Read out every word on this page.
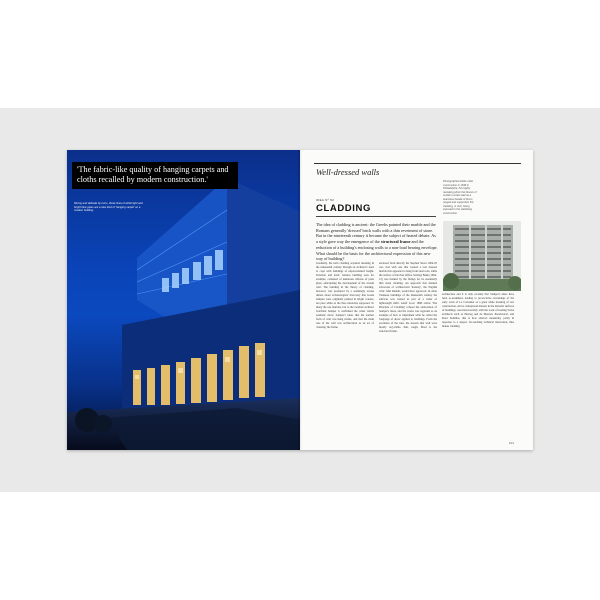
'The fabric-like quality of hanging carpets and cloths recalled by modern construction.'
Strong and delicate by turns, these lines of white light and bright blue glass are a new kind of 'hanging carpet' on a modern building.
Well-dressed walls
IDEA Nº 52
CLADDING
The idea of cladding is ancient: the Greeks painted their marble and the Romans generally 'dressed' brick walls with a thin revetment of stone. But in the nineteenth century it became the subject of heated debate. As a style gave way the emergence of the structural frame and the reduction of a building's enclosing walls to a non-load bearing envelope. What should be the basis for the architectural expression of this new way of building?
Gradually, the term cladding acquired meaning in the nineteenth century through an architect's need to cope with buildings of unprecedented height. Function and level: balance building tests for example, consisted of numerous ribbons of plate glass, anticipating the development of the curtain wall. The building in the theory of cladding, however, was prompted by a seemingly arcane debate about archaeologists' discovery that Greek temples were originally painted in bright colours, not pure white as the Neo-classicists supposed. To many the use marbles, but to the German architect Gottfried Semper it confirmed the wider textile aesthetic more: Semper's ideas that the earliest form of wall was hung textile, and that the main role of the wall was architectural as an act of 'dressing' the frame.
enclosed from directly his Stephen Street 1904-05 was clad with one that created a real dressed marble that appeared to hang from steel rods, while the surface of his Post Office Savings Bank (1904-12) was marked by the fixings for its essentially thin stone cladding. An approach that marked advocates of architectural 'honesty', the English critic John Ruskin, would have approved. In other Viennese buildings of the nineteenth century the surfaces was treated as part of a wider of lightweight infill. Adolf Loos' 1898 article 'The Principle of Cladding' echoed the elaboration of Semper's ideas, and his works was regarded as an example of how to implement what he called the 'language of dress' applied to buildings. From the evolution of the idea, the lessons that wall were mostly recyclable, thin, rough, fitted to the structural frame.
architecture and it is only recently that Semper's ideas have been re-examined, leading to provocative reworkings of the early work of Le Corbusier as a great white dressing of raw construction, and to widespread interest in the material surfaces of buildings, associated notably with the work of leading Swiss architects such as Herzog and de Meuron. Paradoxical, and Peter Zumthor, this is how abstract modernity, partly in response to a deeper, far-reaching technical innovation, thus makes cladding.
Photographed while under construction in 1936 in Philadelphia, this highly revealing photo the illusion of modern curtain wall as a seamless facade of floors, ranged and supported, the cladding, or skin, being exposed to the stabilising construction.
101
